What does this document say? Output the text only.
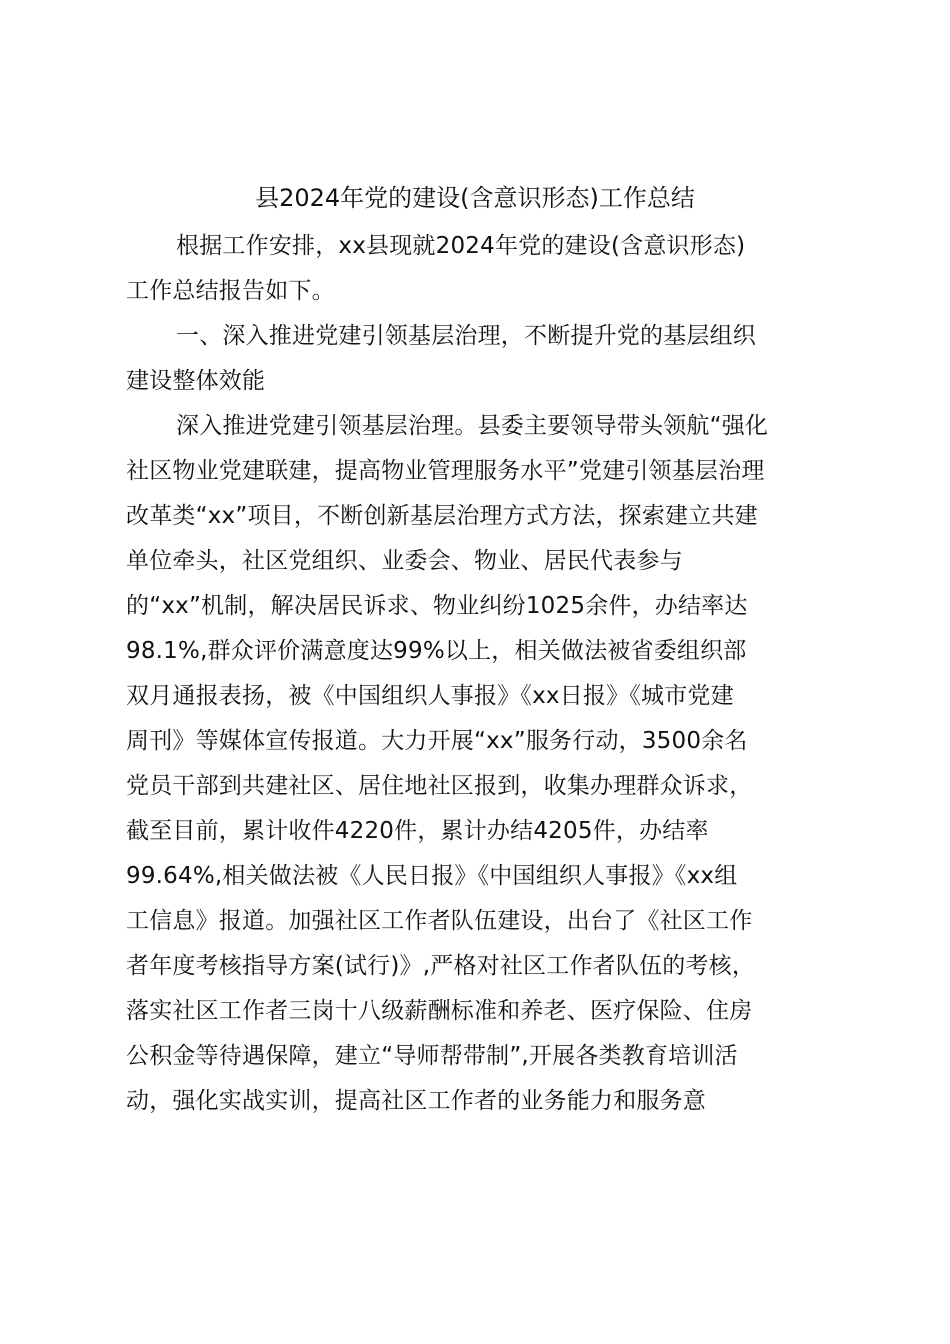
县2024年党的建设(含意识形态)工作总结
根据工作安排，xx县现就2024年党的建设(含意识形态)
工作总结报告如下。
一、深入推进党建引领基层治理，不断提升党的基层组织
建设整体效能
深入推进党建引领基层治理。县委主要领导带头领航“强化
社区物业党建联建，提高物业管理服务水平”党建引领基层治理
改革类“xx”项目，不断创新基层治理方式方法，探索建立共建
单位牵头，社区党组织、业委会、物业、居民代表参与
的“xx”机制，解决居民诉求、物业纠纷1025余件，办结率达
98.1%,群众评价满意度达99%以上，相关做法被省委组织部
双月通报表扬，被《中国组织人事报》《xx日报》《城市党建
周刊》等媒体宣传报道。大力开展“xx”服务行动，3500余名
党员干部到共建社区、居住地社区报到，收集办理群众诉求，
截至目前，累计收件4220件，累计办结4205件，办结率
99.64%,相关做法被《人民日报》《中国组织人事报》《xx组
工信息》报道。加强社区工作者队伍建设，出台了《社区工作
者年度考核指导方案(试行)》,严格对社区工作者队伍的考核，
落实社区工作者三岗十八级薪酬标准和养老、医疗保险、住房
公积金等待遇保障，建立“导师帮带制”,开展各类教育培训活
动，强化实战实训，提高社区工作者的业务能力和服务意
